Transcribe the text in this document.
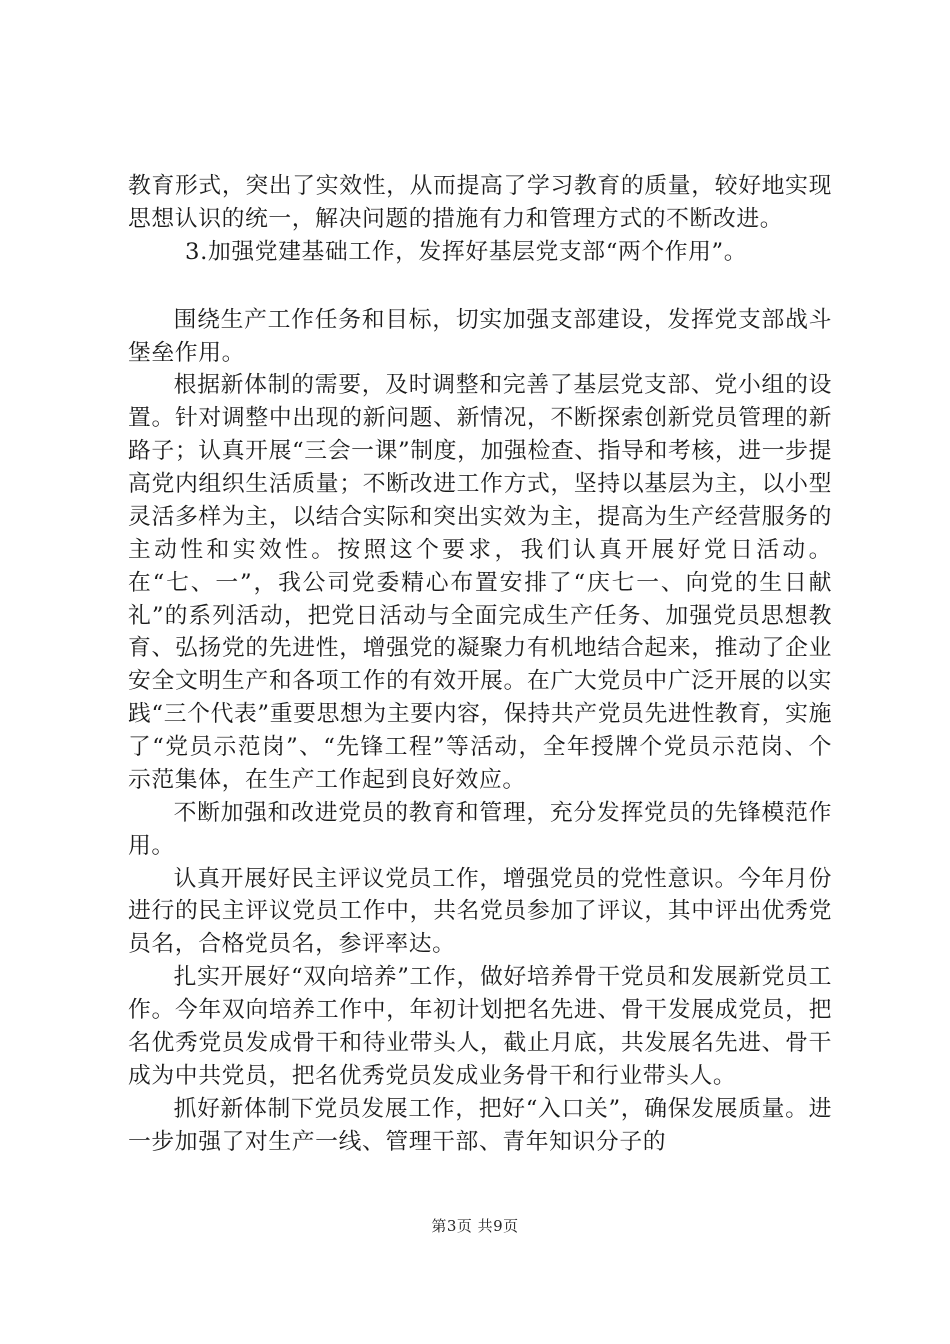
教育形式，突出了实效性，从而提高了学习教育的质量，较好地实现思想认识的统一，解决问题的措施有力和管理方式的不断改进。

3.加强党建基础工作，发挥好基层党支部“两个作用”。

围绕生产工作任务和目标，切实加强支部建设，发挥党支部战斗堡垒作用。

根据新体制的需要，及时调整和完善了基层党支部、党小组的设置。针对调整中出现的新问题、新情况，不断探索创新党员管理的新路子；认真开展“三会一课”制度，加强检查、指导和考核，进一步提高党内组织生活质量；不断改进工作方式，坚持以基层为主，以小型灵活多样为主，以结合实际和突出实效为主，提高为生产经营服务的主动性和实效性。按照这个要求，我们认真开展好党日活动。在“七、一”，我公司党委精心布置安排了“庆七一、向党的生日献礼”的系列活动，把党日活动与全面完成生产任务、加强党员思想教育、弘扬党的先进性，增强党的凝聚力有机地结合起来，推动了企业安全文明生产和各项工作的有效开展。在广大党员中广泛开展的以实践“三个代表”重要思想为主要内容，保持共产党员先进性教育，实施了“党员示范岗”、“先锋工程”等活动，全年授牌个党员示范岗、个示范集体，在生产工作起到良好效应。

不断加强和改进党员的教育和管理，充分发挥党员的先锋模范作用。

认真开展好民主评议党员工作，增强党员的党性意识。今年月份进行的民主评议党员工作中，共名党员参加了评议，其中评出优秀党员名，合格党员名，参评率达。

扎实开展好“双向培养”工作，做好培养骨干党员和发展新党员工作。今年双向培养工作中，年初计划把名先进、骨干发展成党员，把名优秀党员发成骨干和待业带头人，截止月底，共发展名先进、骨干成为中共党员，把名优秀党员发成业务骨干和行业带头人。

抓好新体制下党员发展工作，把好“入口关”，确保发展质量。进一步加强了对生产一线、管理干部、青年知识分子的

第3页 共9页
